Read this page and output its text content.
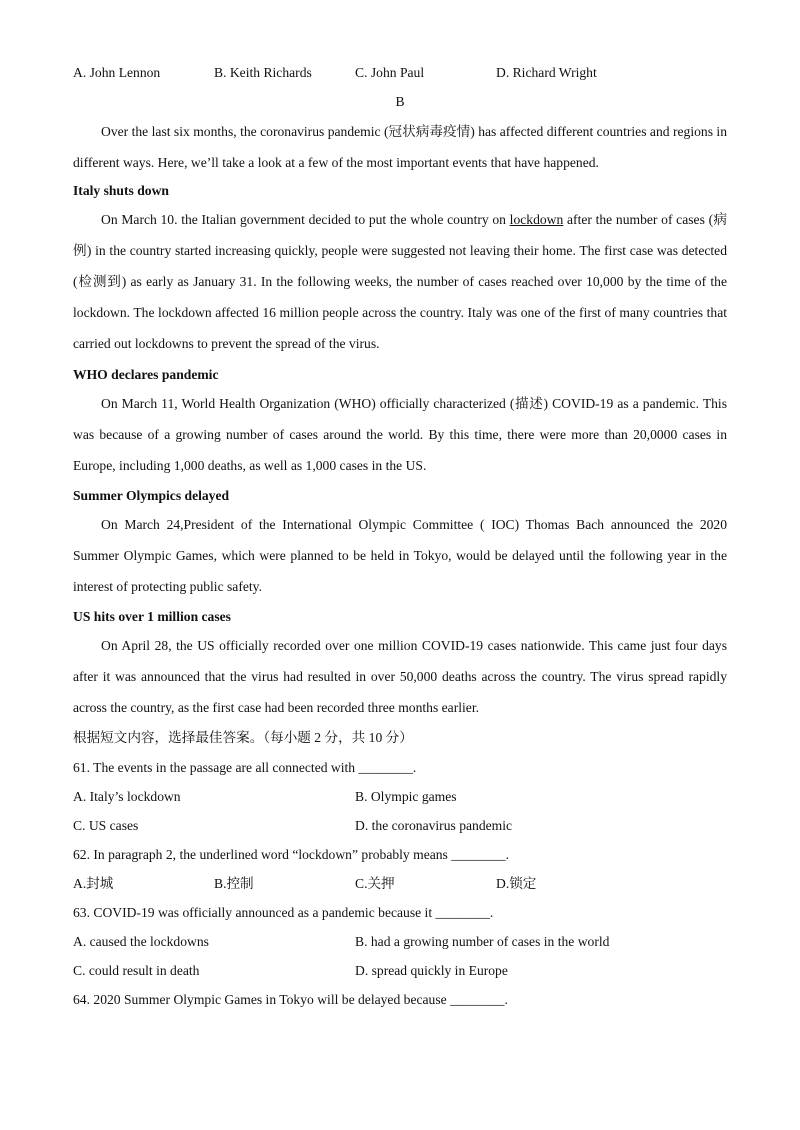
A. John Lennon	B. Keith Richards	C. John Paul	D. Richard Wright
B
Over the last six months, the coronavirus pandemic (冠状病毒疫情) has affected different countries and regions in different ways. Here, we’ll take a look at a few of the most important events that have happened.
Italy shuts down
On March 10. the Italian government decided to put the whole country on lockdown after the number of cases (病例) in the country started increasing quickly, people were suggested not leaving their home. The first case was detected (检测到) as early as January 31. In the following weeks, the number of cases reached over 10,000 by the time of the lockdown. The lockdown affected 16 million people across the country. Italy was one of the first of many countries that carried out lockdowns to prevent the spread of the virus.
WHO declares pandemic
On March 11, World Health Organization (WHO) officially characterized (描述) COVID-19 as a pandemic. This was because of a growing number of cases around the world. By this time, there were more than 20,0000 cases in Europe, including 1,000 deaths, as well as 1,000 cases in the US.
Summer Olympics delayed
On March 24,President of the International Olympic Committee ( IOC) Thomas Bach announced the 2020 Summer Olympic Games, which were planned to be held in Tokyo, would be delayed until the following year in the interest of protecting public safety.
US hits over 1 million cases
On April 28, the US officially recorded over one million COVID-19 cases nationwide. This came just four days after it was announced that the virus had resulted in over 50,000 deaths across the country. The virus spread rapidly across the country, as the first case had been recorded three months earlier.
根据短文内容，选择最佳答案。（每小题 2 分，共 10 分）
61. The events in the passage are all connected with ________.
A. Italy’s lockdown	B. Olympic games
C. US cases	D. the coronavirus pandemic
62. In paragraph 2, the underlined word “lockdown” probably means ________.
A.封城	B.控制	C.关押	D.锁定
63. COVID-19 was officially announced as a pandemic because it ________.
A. caused the lockdowns	B. had a growing number of cases in the world
C. could result in death	D. spread quickly in Europe
64. 2020 Summer Olympic Games in Tokyo will be delayed because ________.
